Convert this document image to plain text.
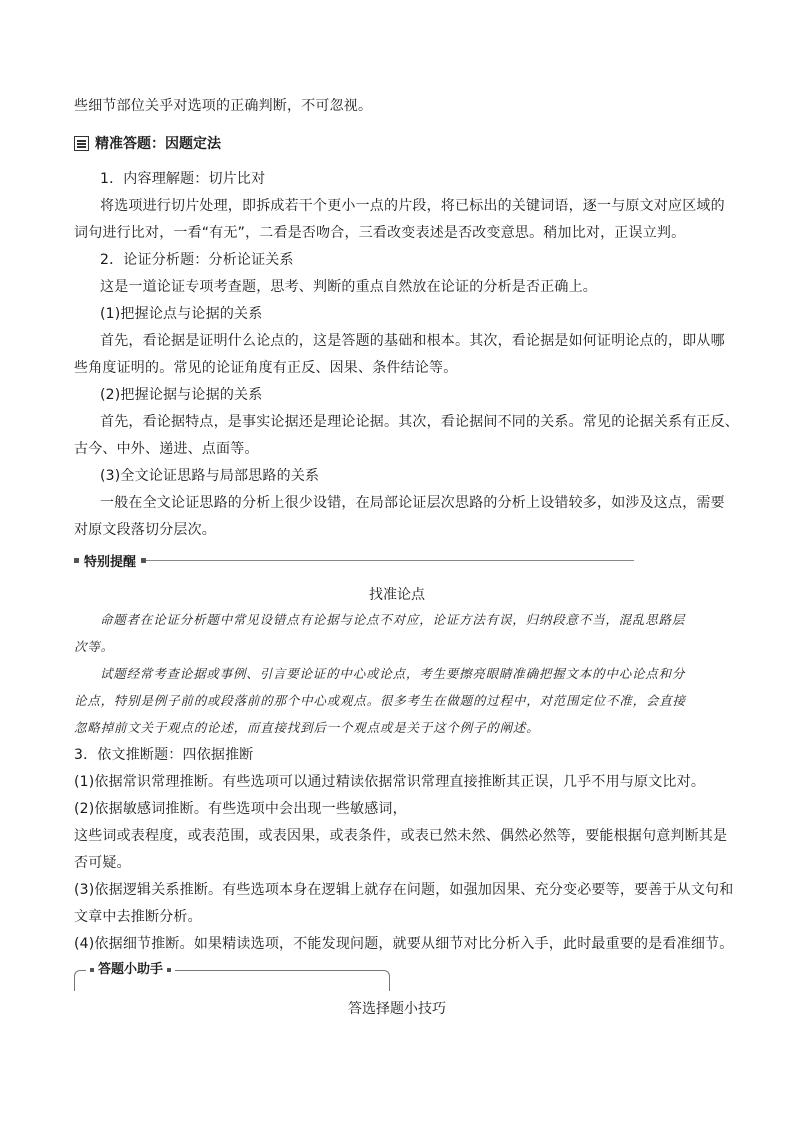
些细节部位关乎对选项的正确判断，不可忽视。
精准答题：因题定法
1．内容理解题：切片比对
将选项进行切片处理，即拆成若干个更小一点的片段，将已标出的关键词语，逐一与原文对应区域的
词句进行比对，一看“有无”，二看是否吻合，三看改变表述是否改变意思。稍加比对，正误立判。
2．论证分析题：分析论证关系
这是一道论证专项考查题，思考、判断的重点自然放在论证的分析是否正确上。
(1)把握论点与论据的关系
首先，看论据是证明什么论点的，这是答题的基础和根本。其次，看论据是如何证明论点的，即从哪
些角度证明的。常见的论证角度有正反、因果、条件结论等。
(2)把握论据与论据的关系
首先，看论据特点，是事实论据还是理论论据。其次，看论据间不同的关系。常见的论据关系有正反、
古今、中外、递进、点面等。
(3)全文论证思路与局部思路的关系
一般在全文论证思路的分析上很少设错，在局部论证层次思路的分析上设错较多，如涉及这点，需要
对原文段落切分层次。
特别提醒
找准论点
命题者在论证分析题中常见设错点有论据与论点不对应，论证方法有误，归纳段意不当，混乱思路层
次等。
试题经常考查论据或事例、引言要论证的中心或论点，考生要擦亮眼睛准确把握文本的中心论点和分
论点，特别是例子前的或段落前的那个中心或观点。很多考生在做题的过程中，对范围定位不准，会直接
忽略掉前文关于观点的论述，而直接找到后一个观点或是关于这个例子的阐述。
3．依文推断题：四依据推断
(1)依据常识常理推断。有些选项可以通过精读依据常识常理直接推断其正误，几乎不用与原文比对。
(2)依据敏感词推断。有些选项中会出现一些敏感词，
这些词或表程度，或表范围，或表因果，或表条件，或表已然未然、偶然必然等，要能根据句意判断其是
否可疑。
(3)依据逻辑关系推断。有些选项本身在逻辑上就存在问题，如强加因果、充分变必要等，要善于从文句和
文章中去推断分析。
(4)依据细节推断。如果精读选项，不能发现问题，就要从细节对比分析入手，此时最重要的是看准细节。
答题小助手
答选择题小技巧
